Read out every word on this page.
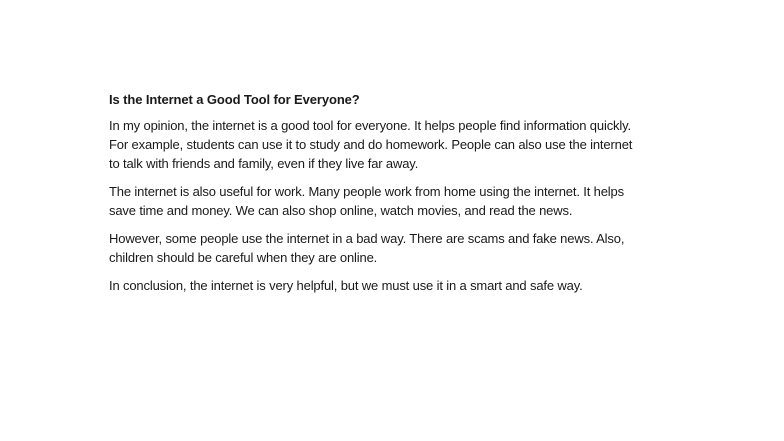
Is the Internet a Good Tool for Everyone?

In my opinion, the internet is a good tool for everyone. It helps people find information quickly.
For example, students can use it to study and do homework. People can also use the internet
to talk with friends and family, even if they live far away.

The internet is also useful for work. Many people work from home using the internet. It helps
save time and money. We can also shop online, watch movies, and read the news.

However, some people use the internet in a bad way. There are scams and fake news. Also,
children should be careful when they are online.

In conclusion, the internet is very helpful, but we must use it in a smart and safe way.
